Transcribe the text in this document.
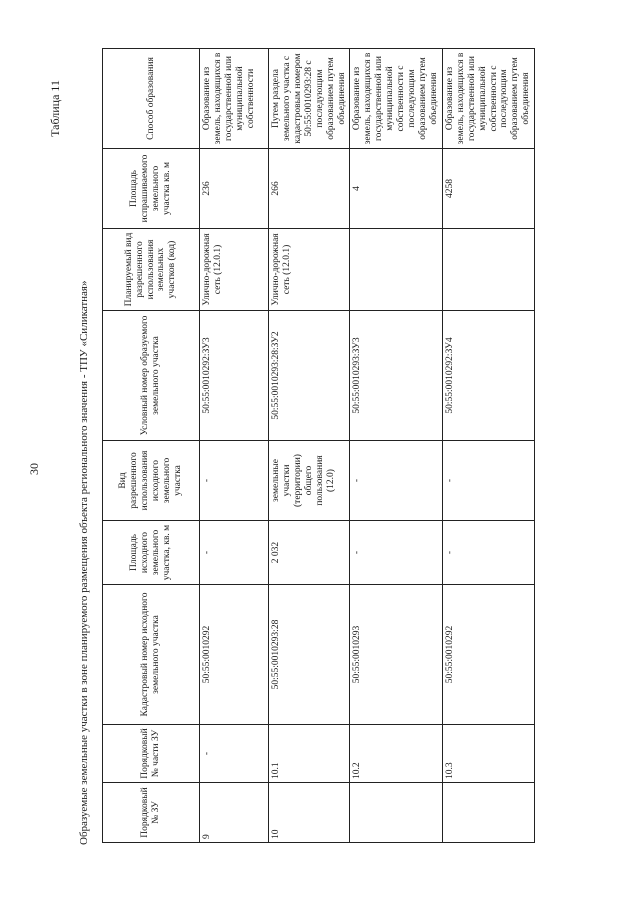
30
Таблица 11
Образуемые земельные участки в зоне планируемого размещения объекта регионального значения - ТПУ «Силикатная»	Порядковый № ЗУ	Порядковый № части ЗУ	Кадастровый номер исходного земельного участка	Площадь исходного земельного участка, кв. м	Вид разрешенного использования исходного земельного участка	Условный номер образуемого земельного участка	Планируемый вид разрешенного использования земельных участков (код)	Площадь испрашиваемого земельного участка кв. м	Способ образования
9	-	50:55:0010292	-	-	50:55:0010292:ЗУ3	Улично-дорожная сеть (12.0.1)	236	Образование из земель, находящихся в государственной или муниципальной собственности
10	10.1	50:55:0010293:28	2 032	земельные участки (территории) общего пользования (12.0)	50:55:0010293:28:ЗУ2	Улично-дорожная сеть (12.0.1)	266	Путем раздела земельного участка с кадастровым номером 50:55:0010293:28 с последующим образованием путем объединения
	10.2	50:55:0010293	-	-	50:55:0010293:ЗУ3		4	Образование из земель, находящихся в государственной или муниципальной собственности с последующим образованием путем объединения
	10.3	50:55:0010292	-	-	50:55:0010292:ЗУ4		4258	Образование из земель, находящихся в государственной или муниципальной собственности с последующим образованием путем объединения
